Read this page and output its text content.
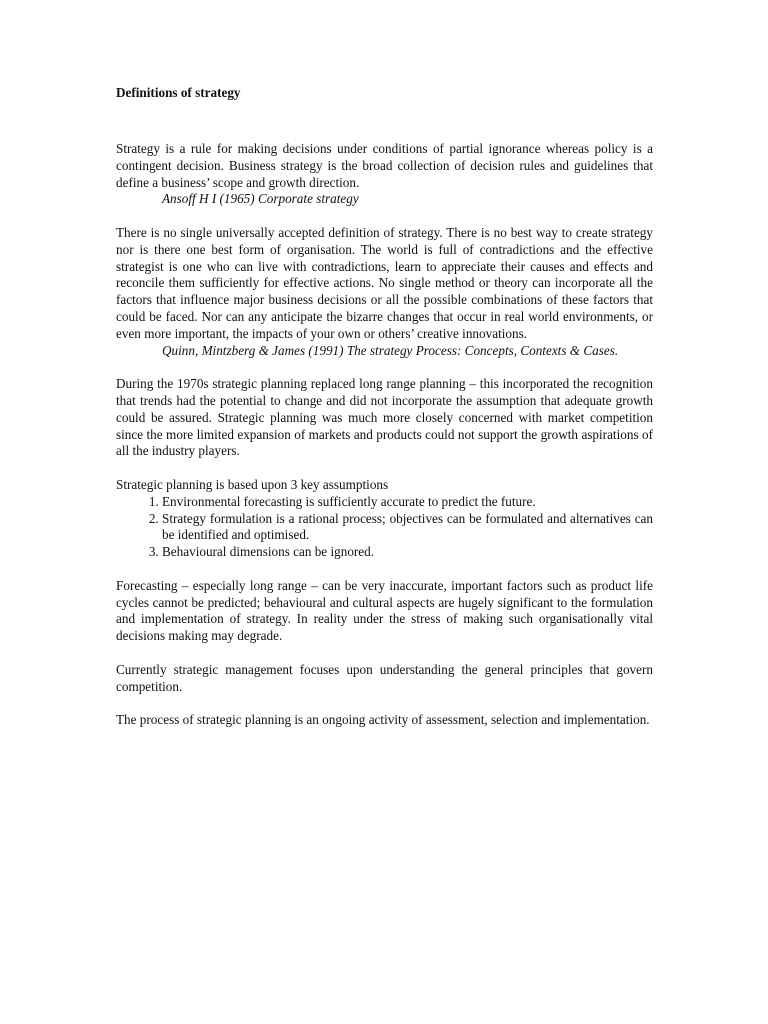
Definitions of strategy

Strategy is a rule for making decisions under conditions of partial ignorance whereas policy is a contingent decision. Business strategy is the broad collection of decision rules and guidelines that define a business’ scope and growth direction.

Ansoff H I (1965) Corporate strategy

There is no single universally accepted definition of strategy. There is no best way to create strategy nor is there one best form of organisation. The world is full of contradictions and the effective strategist is one who can live with contradictions, learn to appreciate their causes and effects and reconcile them sufficiently for effective actions. No single method or theory can incorporate all the factors that influence major business decisions or all the possible combinations of these factors that could be faced. Nor can any anticipate the bizarre changes that occur in real world environments, or even more important, the impacts of your own or others’ creative innovations.

Quinn, Mintzberg & James (1991) The strategy Process: Concepts, Contexts & Cases.

During the 1970s strategic planning replaced long range planning – this incorporated the recognition that trends had the potential to change and did not incorporate the assumption that adequate growth could be assured. Strategic planning was much more closely concerned with market competition since the more limited expansion of markets and products could not support the growth aspirations of all the industry players.

Strategic planning is based upon 3 key assumptions

1. Environmental forecasting is sufficiently accurate to predict the future.
2. Strategy formulation is a rational process; objectives can be formulated and alternatives can be identified and optimised.
3. Behavioural dimensions can be ignored.

Forecasting – especially long range – can be very inaccurate, important factors such as product life cycles cannot be predicted; behavioural and cultural aspects are hugely significant to the formulation and implementation of strategy. In reality under the stress of making such organisationally vital decisions making may degrade.

Currently strategic management focuses upon understanding the general principles that govern competition.

The process of strategic planning is an ongoing activity of assessment, selection and implementation.
